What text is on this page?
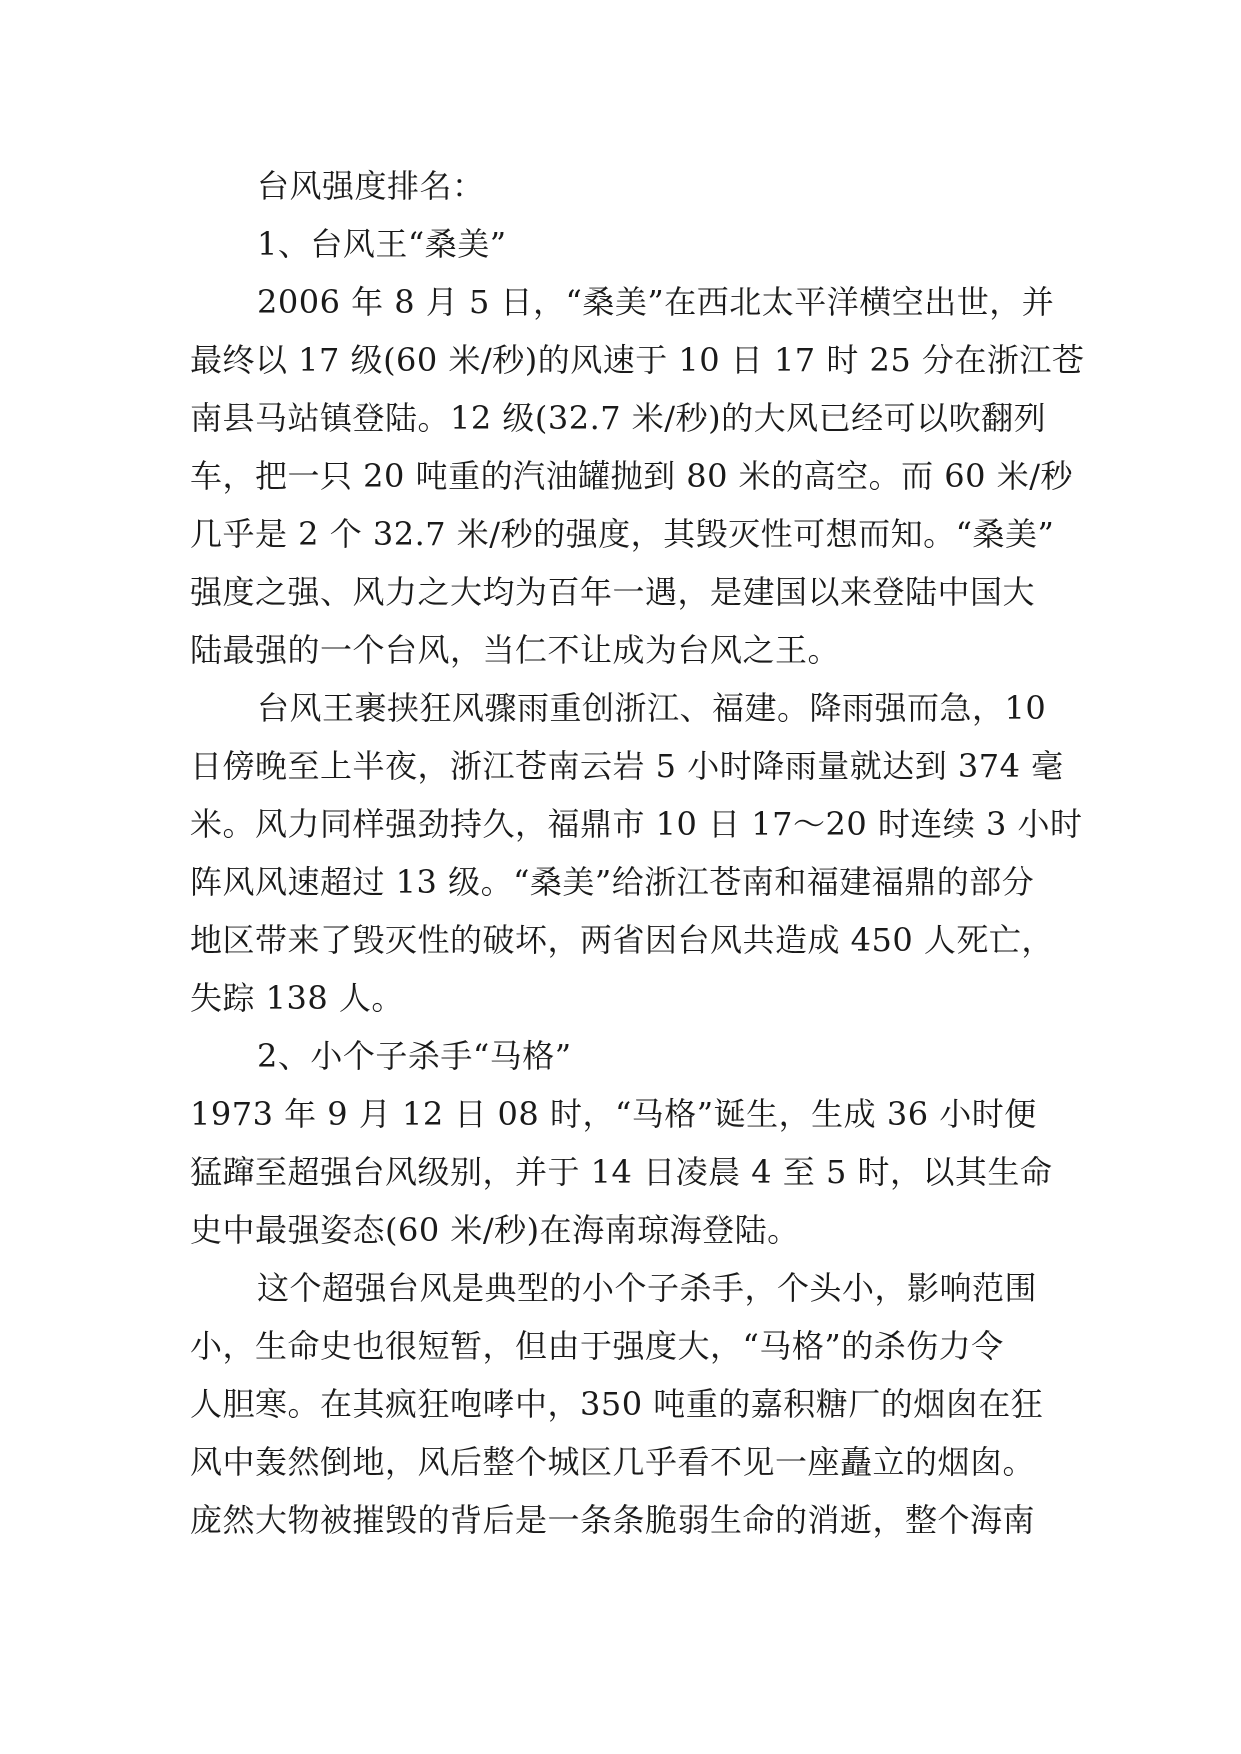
台风强度排名：
1、台风王“桑美”
2006 年 8 月 5 日，“桑美”在西北太平洋横空出世，并
最终以 17 级(60 米/秒)的风速于 10 日 17 时 25 分在浙江苍
南县马站镇登陆。12 级(32.7 米/秒)的大风已经可以吹翻列
车，把一只 20 吨重的汽油罐抛到 80 米的高空。而 60 米/秒
几乎是 2 个 32.7 米/秒的强度，其毁灭性可想而知。“桑美”
强度之强、风力之大均为百年一遇，是建国以来登陆中国大
陆最强的一个台风，当仁不让成为台风之王。
台风王裹挟狂风骤雨重创浙江、福建。降雨强而急，10
日傍晚至上半夜，浙江苍南云岩 5 小时降雨量就达到 374 毫
米。风力同样强劲持久，福鼎市 10 日 17～20 时连续 3 小时
阵风风速超过 13 级。“桑美”给浙江苍南和福建福鼎的部分
地区带来了毁灭性的破坏，两省因台风共造成 450 人死亡，
失踪 138 人。
2、小个子杀手“马格”
1973 年 9 月 12 日 08 时，“马格”诞生，生成 36 小时便
猛蹿至超强台风级别，并于 14 日凌晨 4 至 5 时，以其生命
史中最强姿态(60 米/秒)在海南琼海登陆。
这个超强台风是典型的小个子杀手，个头小，影响范围
小，生命史也很短暂，但由于强度大，“马格”的杀伤力令
人胆寒。在其疯狂咆哮中，350 吨重的嘉积糖厂的烟囱在狂
风中轰然倒地，风后整个城区几乎看不见一座矗立的烟囱。
庞然大物被摧毁的背后是一条条脆弱生命的消逝，整个海南
